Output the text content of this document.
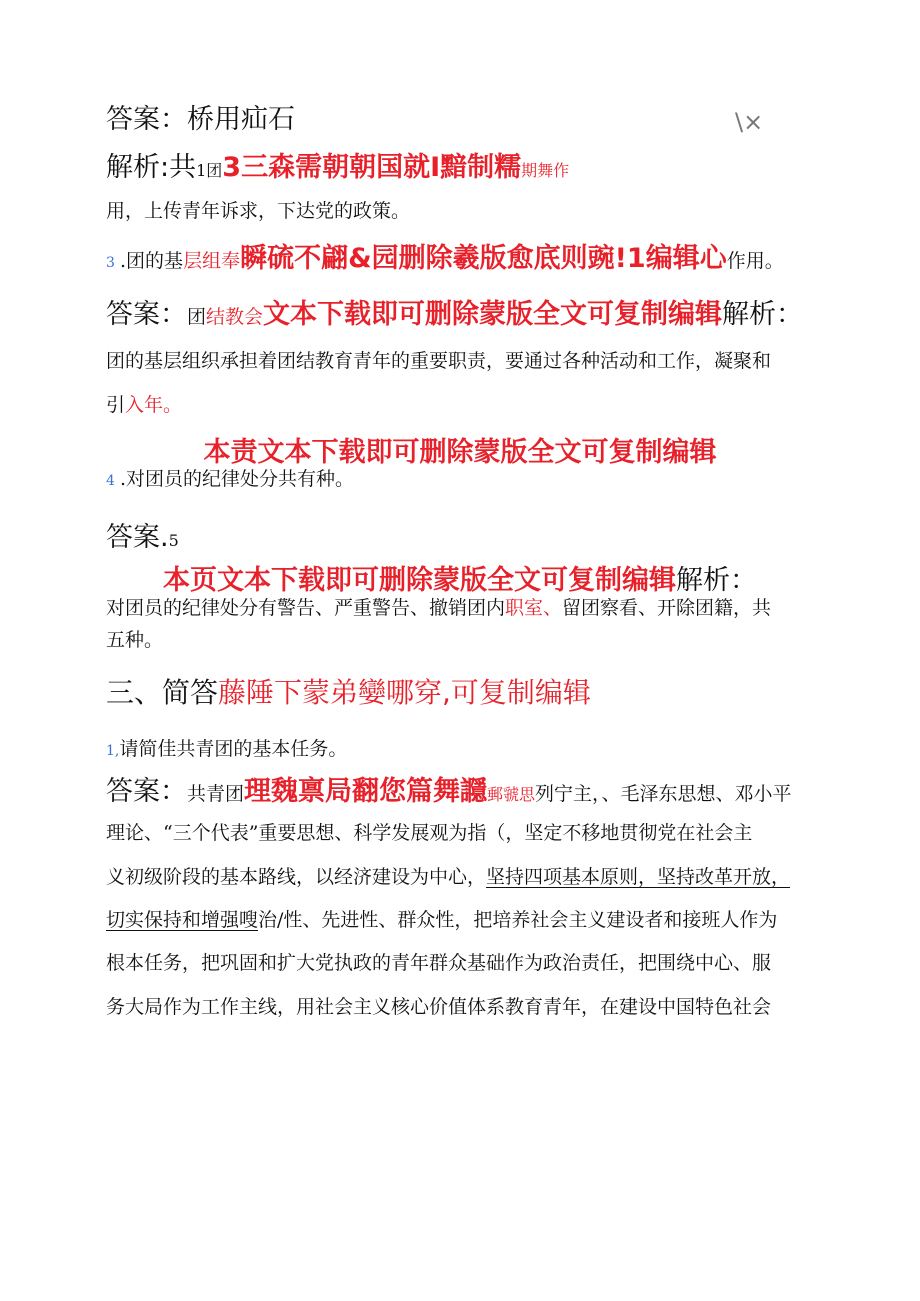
答案：桥用疝石	\×
解析:共1团3三森需朝朝国就I黯制糯期舞作
用，上传青年诉求，下达党的政策。
3 .团的基层组奉瞬硫不翩&园删除羲版愈底则豌!1编辑心作用。
答案：团结教会文本下载即可删除蒙版全文可复制编辑解析：
团的基层组织承担着团结教育青年的重要职责，要通过各种活动和工作，凝聚和
引入年。
本责文本下载即可删除蒙版全文可复制编辑
4 .对团员的纪律处分共有种。
答案.5
本页文本下载即可删除蒙版全文可复制编辑解析：
对团员的纪律处分有警告、严重警告、撤销团内职室、留团察看、开除团籍，共
五种。
三、简答藤陲下蒙弟孌哪穿,可复制编辑
1,请简佳共青团的基本任务。
答案：共青团理魏禀局翻您篇舞讔郵虢思列宁主，、毛泽东思想、邓小平
理论、“三个代表”重要思想、科学发展观为指（，坚定不移地贯彻党在社会主
义初级阶段的基本路线，以经济建设为中心，坚持四项基本原则，坚持改革开放，
切实保持和增强嗖治/性、先进性、群众性，把培养社会主义建设者和接班人作为
根本任务，把巩固和扩大党执政的青年群众基础作为政治责任，把围绕中心、服
务大局作为工作主线，用社会主义核心价值体系教育青年，在建设中国特色社会
